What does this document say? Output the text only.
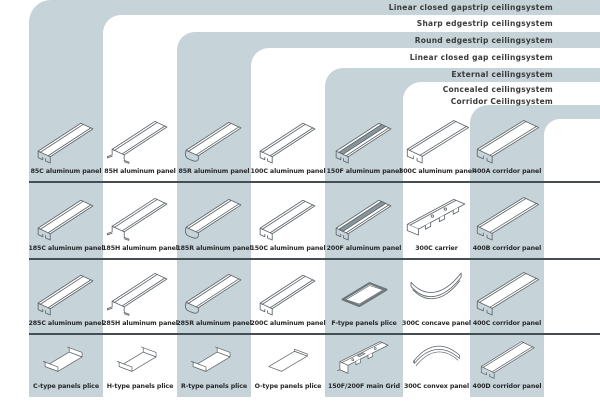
Linear closed gapstrip ceilingsystem
Sharp edgestrip ceilingsystem
Round edgestrip ceilingsystem
Linear closed gap ceilingsystem
External ceilingsystem
Concealed ceilingsystem
Corridor Ceilingsystem
85C aluminum panel 85H aluminum panel 85R aluminum panel 100C aluminum panel 150F aluminum panel
300C aluminum panel
400A corridor panel
185C aluminum panel
185H aluminum panel
185R aluminum panel
150C aluminum panel 200F aluminum panel 300C carrier 400B corridor panel
285C aluminum panel
285H aluminum panel
285R aluminum panel
200C aluminum panel F-type panels plice 300C concave panel 400C corridor panel
C-type panels plice H-type panels plice R-type panels plice O-type panels plice 150F/200F main Grid 300C convex panel 400D corridor panel
